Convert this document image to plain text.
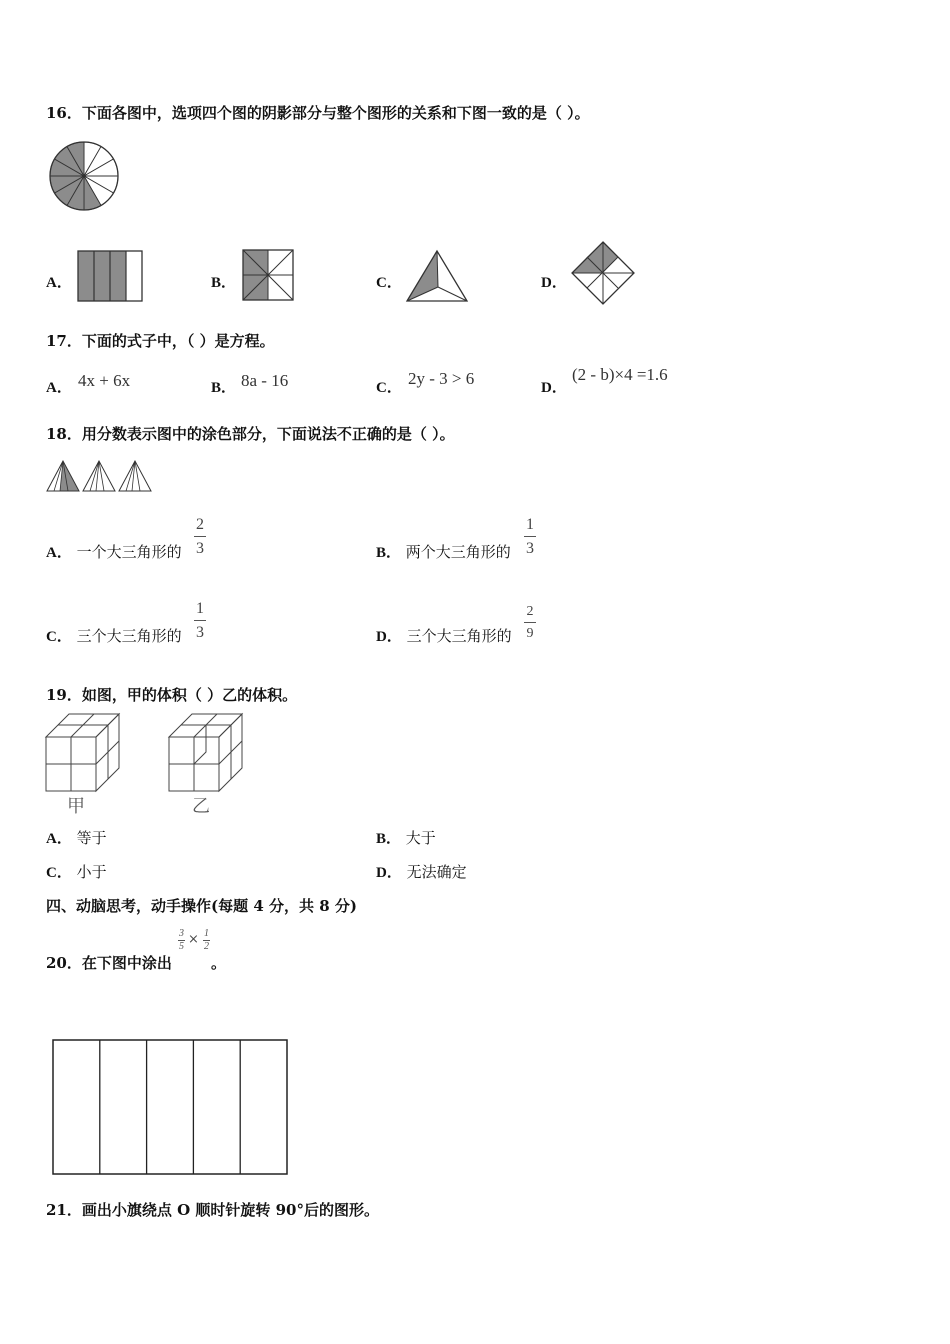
16．下面各图中，选项四个图的阴影部分与整个图形的关系和下图一致的是（ ）。
A．	B．	C．	D．
17．下面的式子中，（ ）是方程。
A． 4x + 6x	B． 8a - 16	C． 2y - 3 > 6	D．
(2 - b)×4 =1.6
18．用分数表示图中的涂色部分，下面说法不正确的是（ ）。
A． 一个大三角形的
2
3	B． 两个大三角形的
1
3
C． 三个大三角形的
1
3	D． 三个大三角形的
2
9
19．如图，甲的体积（ ）乙的体积。
甲	乙
A． 等于	B． 大于
C． 小于	D． 无法确定
四、动脑思考，动手操作(每题 4 分，共 8 分)
20．在下图中涂出
3
5 × 1
2
。
21．画出小旗绕点 O 顺时针旋转 90°后的图形。
